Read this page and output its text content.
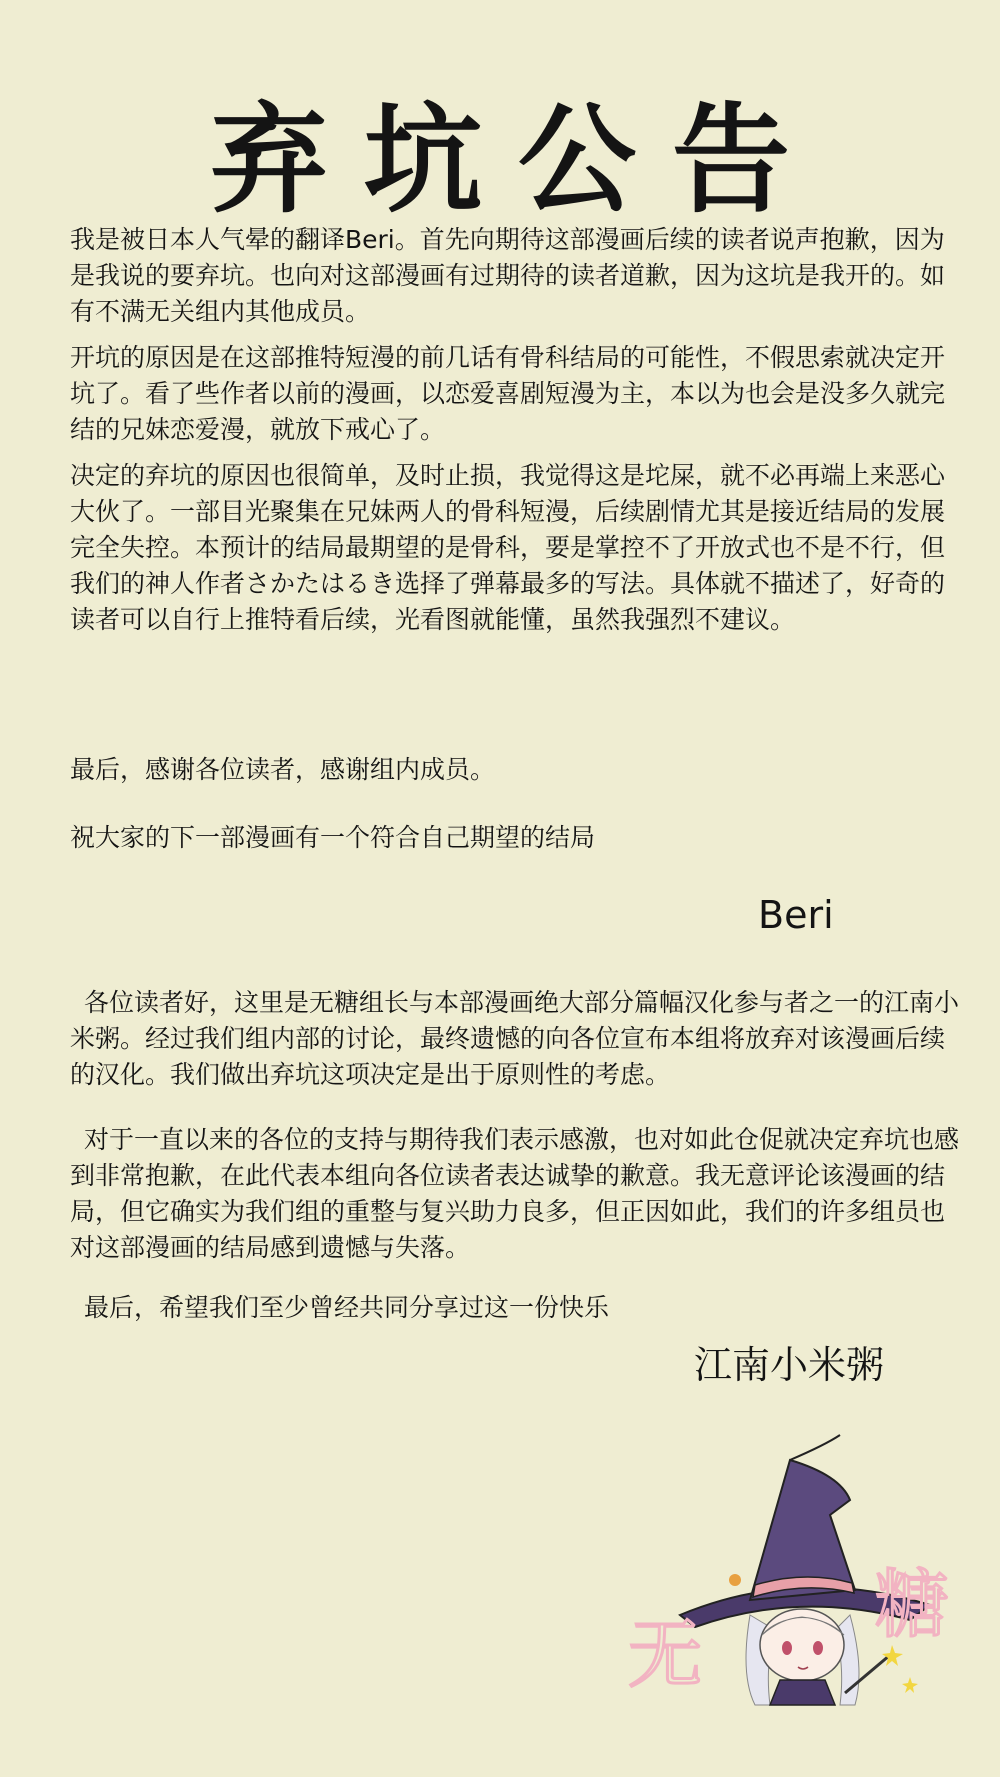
弃坑公告

我是被日本人气晕的翻译Beri。首先向期待这部漫画后续的读者说声抱歉，因为是我说的要弃坑。也向对这部漫画有过期待的读者道歉，因为这坑是我开的。如有不满无关组内其他成员。

开坑的原因是在这部推特短漫的前几话有骨科结局的可能性，不假思索就决定开坑了。看了些作者以前的漫画，以恋爱喜剧短漫为主，本以为也会是没多久就完结的兄妹恋爱漫，就放下戒心了。

决定的弃坑的原因也很简单，及时止损，我觉得这是坨屎，就不必再端上来恶心大伙了。一部目光聚集在兄妹两人的骨科短漫，后续剧情尤其是接近结局的发展完全失控。本预计的结局最期望的是骨科，要是掌控不了开放式也不是不行，但我们的神人作者さかたはるき选择了弹幕最多的写法。具体就不描述了，好奇的读者可以自行上推特看后续，光看图就能懂，虽然我强烈不建议。

最后，感谢各位读者，感谢组内成员。

祝大家的下一部漫画有一个符合自己期望的结局

Beri

各位读者好，这里是无糖组长与本部漫画绝大部分篇幅汉化参与者之一的江南小米粥。经过我们组内部的讨论，最终遗憾的向各位宣布本组将放弃对该漫画后续的汉化。我们做出弃坑这项决定是出于原则性的考虑。

对于一直以来的各位的支持与期待我们表示感激，也对如此仓促就决定弃坑也感到非常抱歉，在此代表本组向各位读者表达诚挚的歉意。我无意评论该漫画的结局，但它确实为我们组的重整与复兴助力良多，但正因如此，我们的许多组员也对这部漫画的结局感到遗憾与失落。

最后，希望我们至少曾经共同分享过这一份快乐

江南小米粥
无
糖
